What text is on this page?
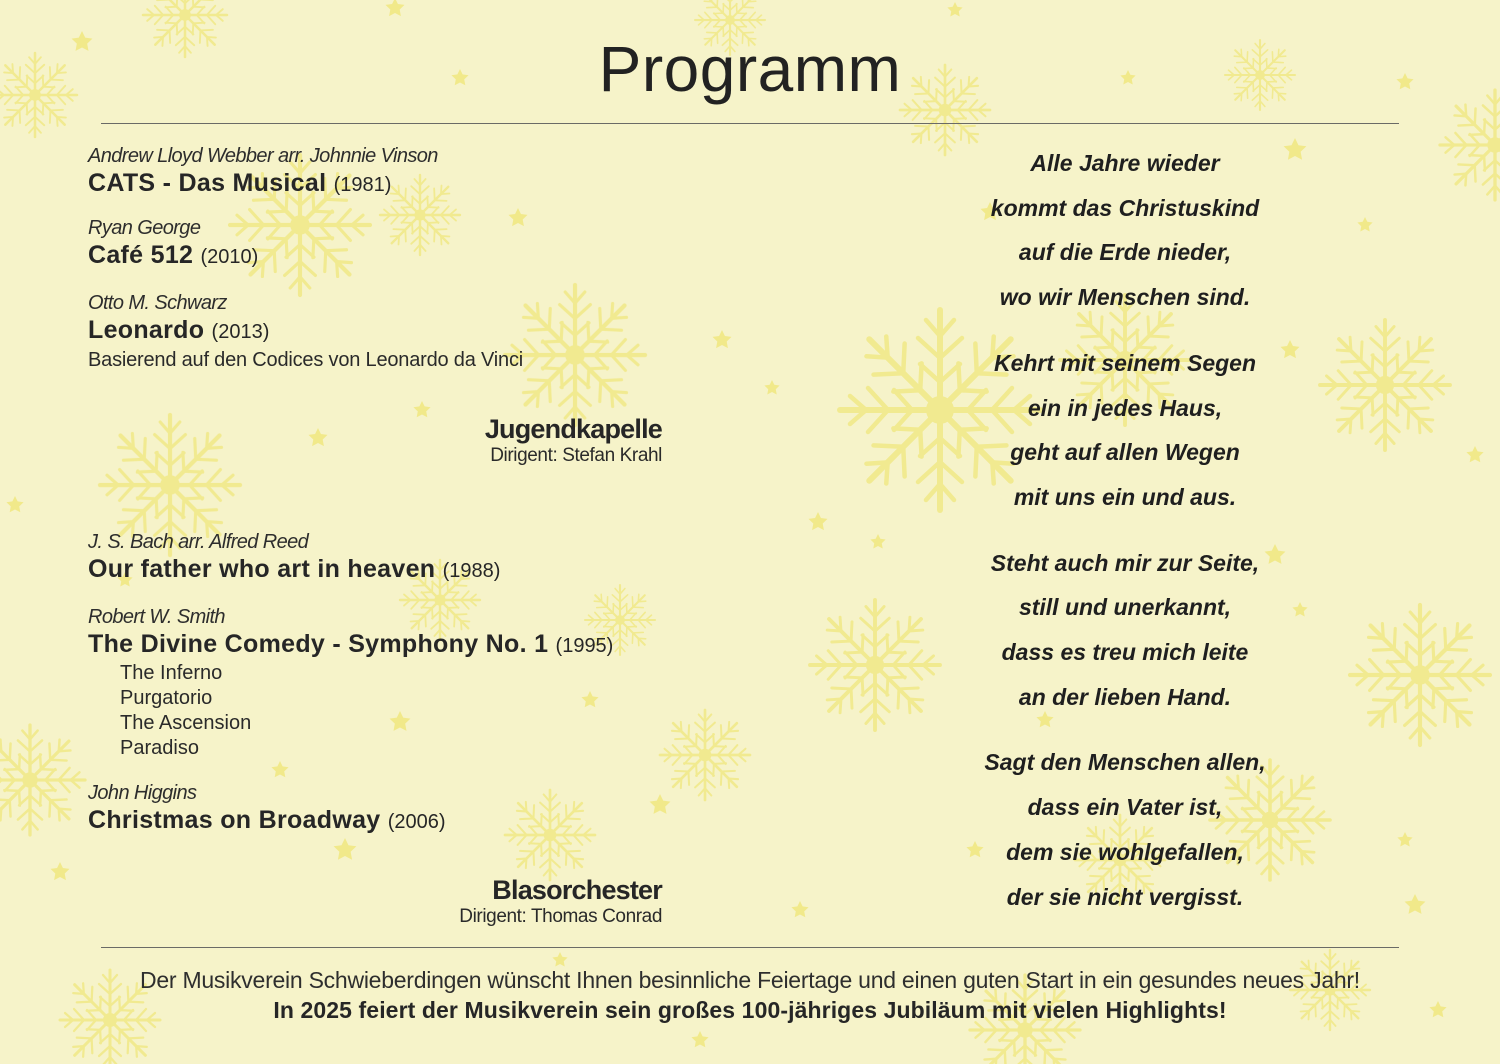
Programm
Andrew Lloyd Webber arr. Johnnie Vinson
CATS - Das Musical (1981)
Ryan George
Café 512 (2010)
Otto M. Schwarz
Leonardo (2013)
Basierend auf den Codices von Leonardo da Vinci
Jugendkapelle
Dirigent: Stefan Krahl
J. S. Bach arr. Alfred Reed
Our father who art in heaven (1988)
Robert W. Smith
The Divine Comedy - Symphony No. 1 (1995)
The Inferno
Purgatorio
The Ascension
Paradiso
John Higgins
Christmas on Broadway (2006)
Blasorchester
Dirigent: Thomas Conrad
Alle Jahre wieder
kommt das Christuskind
auf die Erde nieder,
wo wir Menschen sind.
Kehrt mit seinem Segen
ein in jedes Haus,
geht auf allen Wegen
mit uns ein und aus.
Steht auch mir zur Seite,
still und unerkannt,
dass es treu mich leite
an der lieben Hand.
Sagt den Menschen allen,
dass ein Vater ist,
dem sie wohlgefallen,
der sie nicht vergisst.
Der Musikverein Schwieberdingen wünscht Ihnen besinnliche Feiertage und einen guten Start in ein gesundes neues Jahr!
In 2025 feiert der Musikverein sein großes 100-jähriges Jubiläum mit vielen Highlights!
